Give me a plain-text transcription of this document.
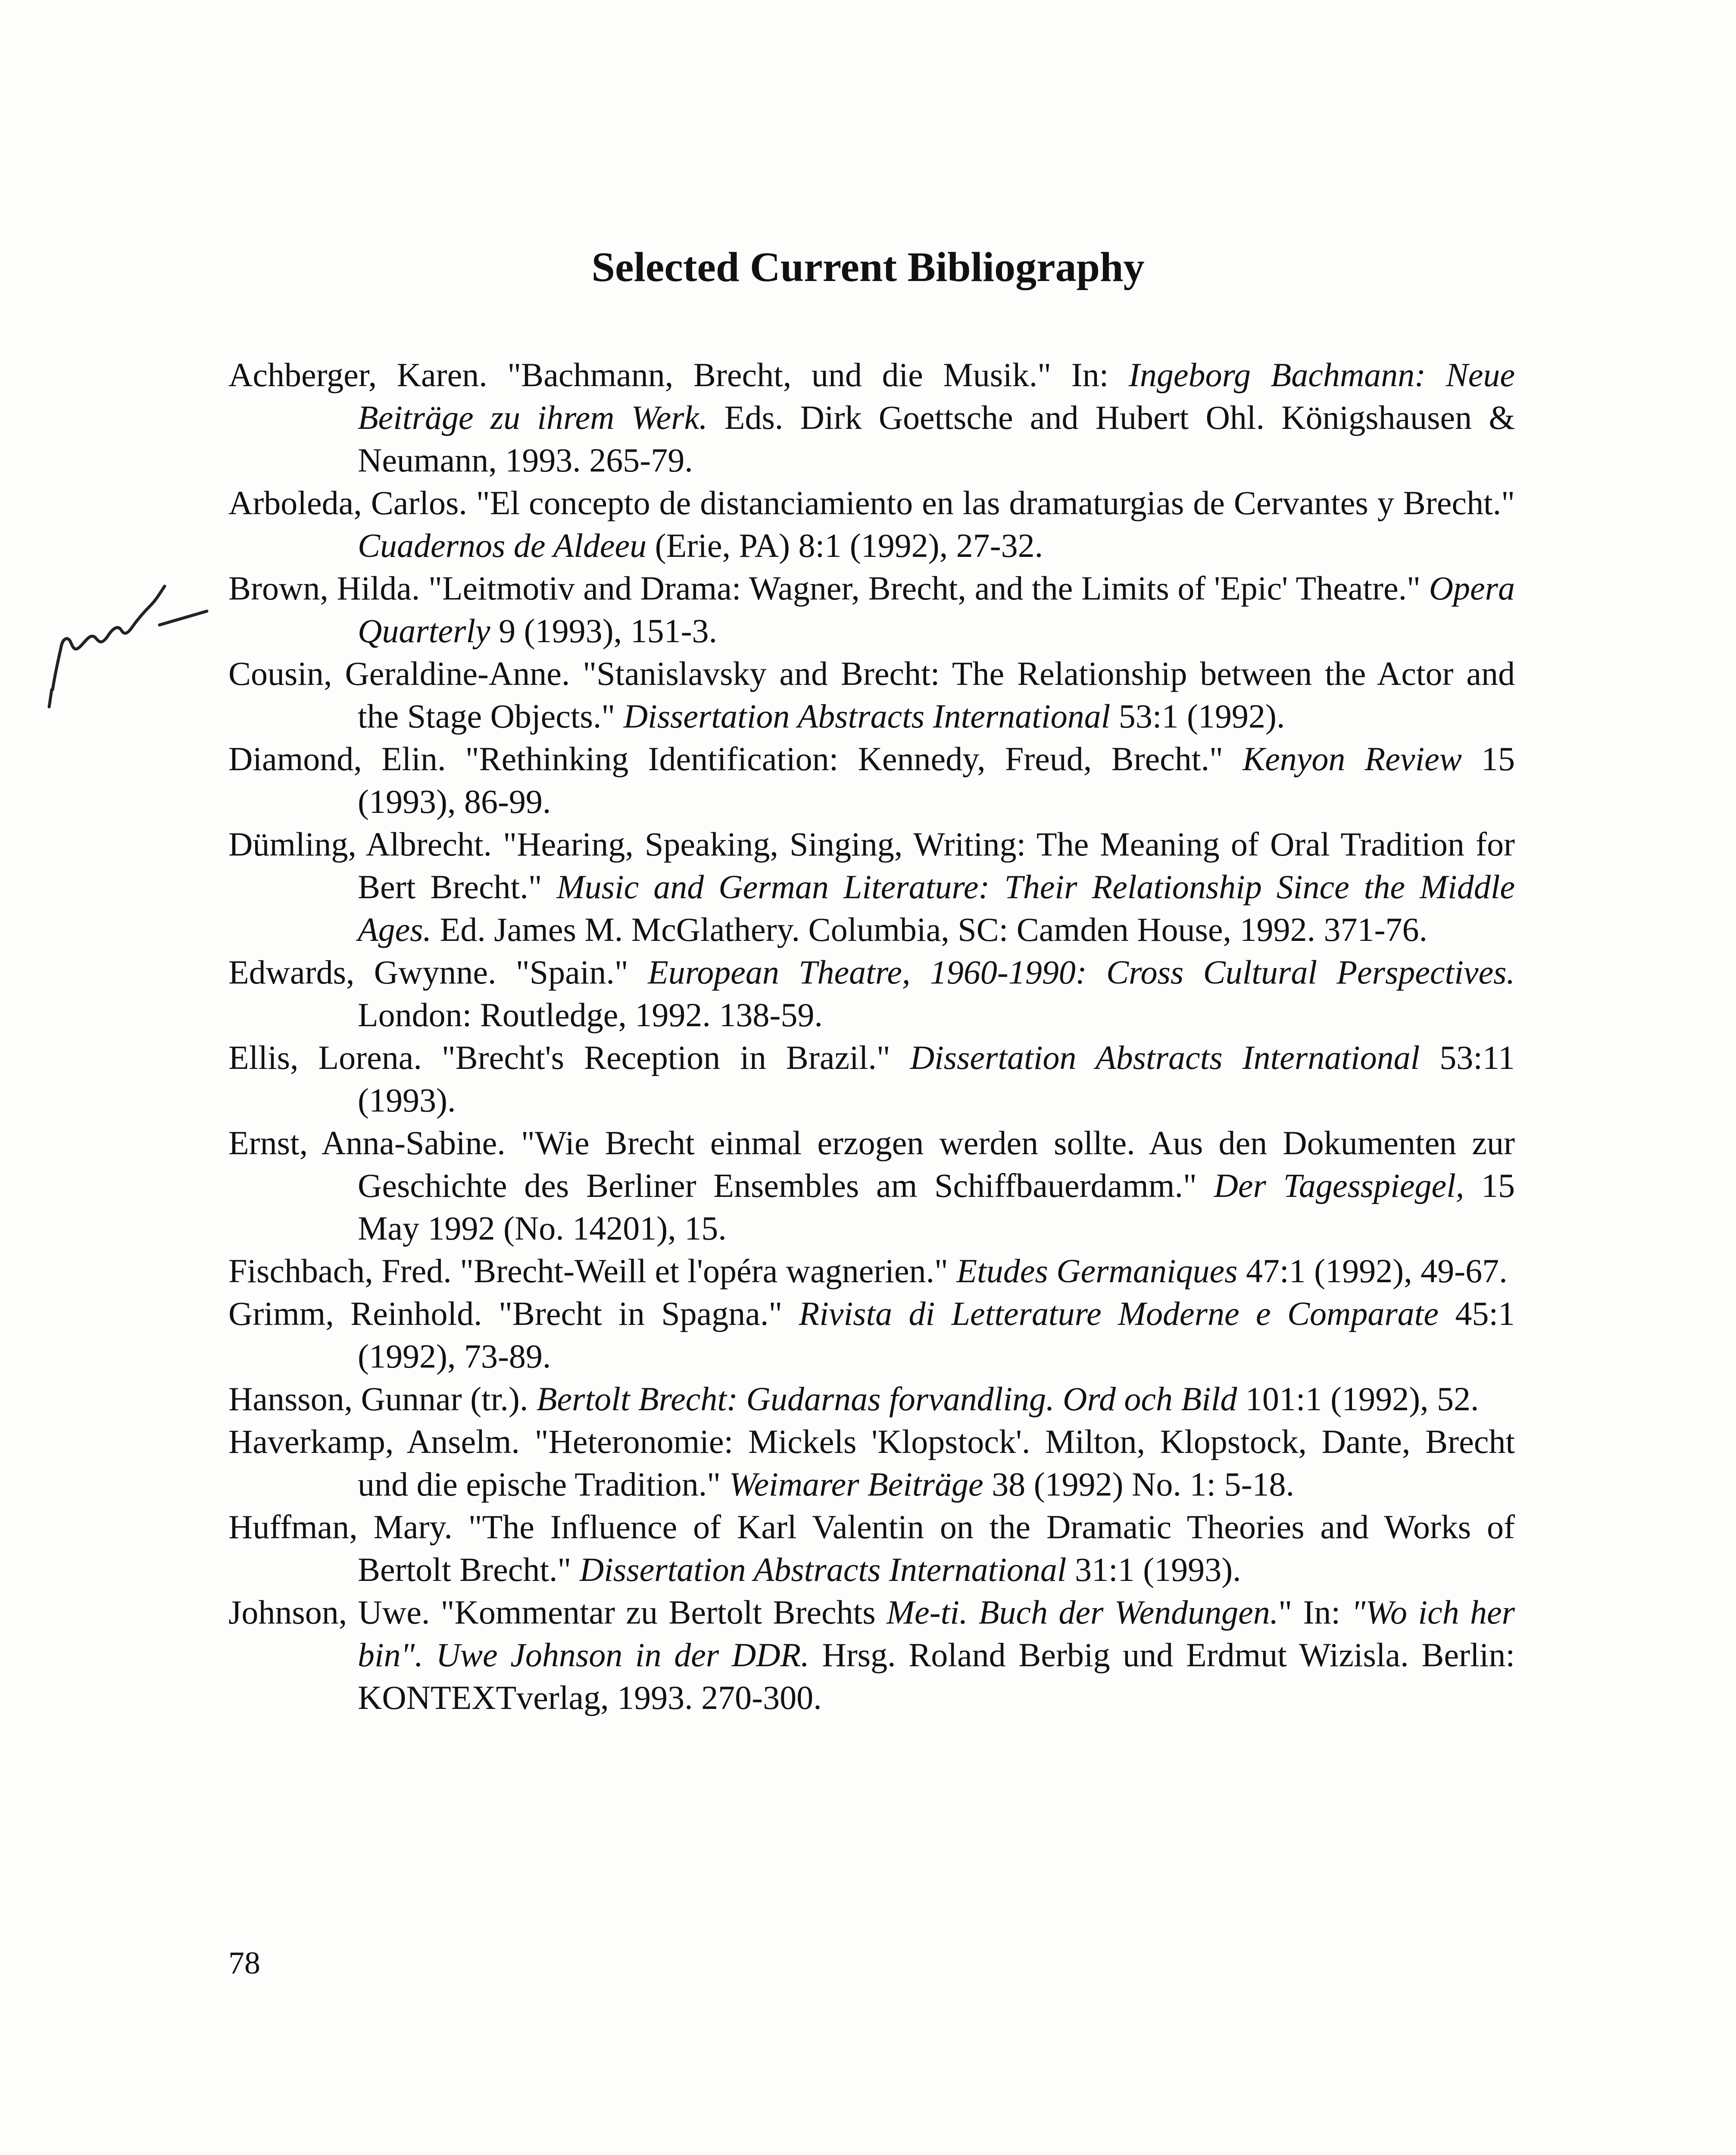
Selected Current Bibliography
Achberger, Karen. "Bachmann, Brecht, und die Musik." In: Ingeborg Bachmann: Neue Beiträge zu ihrem Werk. Eds. Dirk Goettsche and Hubert Ohl. Königshausen & Neumann, 1993. 265-79.
Arboleda, Carlos. "El concepto de distanciamiento en las dramaturgias de Cervantes y Brecht." Cuadernos de Aldeeu (Erie, PA) 8:1 (1992), 27-32.
Brown, Hilda. "Leitmotiv and Drama: Wagner, Brecht, and the Limits of 'Epic' Theatre." Opera Quarterly 9 (1993), 151-3.
Cousin, Geraldine-Anne. "Stanislavsky and Brecht: The Relationship between the Actor and the Stage Objects." Dissertation Abstracts International 53:1 (1992).
Diamond, Elin. "Rethinking Identification: Kennedy, Freud, Brecht." Kenyon Review 15 (1993), 86-99.
Dümling, Albrecht. "Hearing, Speaking, Singing, Writing: The Meaning of Oral Tradition for Bert Brecht." Music and German Literature: Their Relationship Since the Middle Ages. Ed. James M. McGlathery. Columbia, SC: Camden House, 1992. 371-76.
Edwards, Gwynne. "Spain." European Theatre, 1960-1990: Cross Cultural Perspectives. London: Routledge, 1992. 138-59.
Ellis, Lorena. "Brecht's Reception in Brazil." Dissertation Abstracts International 53:11 (1993).
Ernst, Anna-Sabine. "Wie Brecht einmal erzogen werden sollte. Aus den Dokumenten zur Geschichte des Berliner Ensembles am Schiffbauerdamm." Der Tagesspiegel, 15 May 1992 (No. 14201), 15.
Fischbach, Fred. "Brecht-Weill et l'opéra wagnerien." Etudes Germaniques 47:1 (1992), 49-67.
Grimm, Reinhold. "Brecht in Spagna." Rivista di Letterature Moderne e Comparate 45:1 (1992), 73-89.
Hansson, Gunnar (tr.). Bertolt Brecht: Gudarnas forvandling. Ord och Bild 101:1 (1992), 52.
Haverkamp, Anselm. "Heteronomie: Mickels 'Klopstock'. Milton, Klopstock, Dante, Brecht und die epische Tradition." Weimarer Beiträge 38 (1992) No. 1: 5-18.
Huffman, Mary. "The Influence of Karl Valentin on the Dramatic Theories and Works of Bertolt Brecht." Dissertation Abstracts International 31:1 (1993).
Johnson, Uwe. "Kommentar zu Bertolt Brechts Me-ti. Buch der Wendungen." In: "Wo ich her bin". Uwe Johnson in der DDR. Hrsg. Roland Berbig und Erdmut Wizisla. Berlin: KONTEXTverlag, 1993. 270-300.
78
